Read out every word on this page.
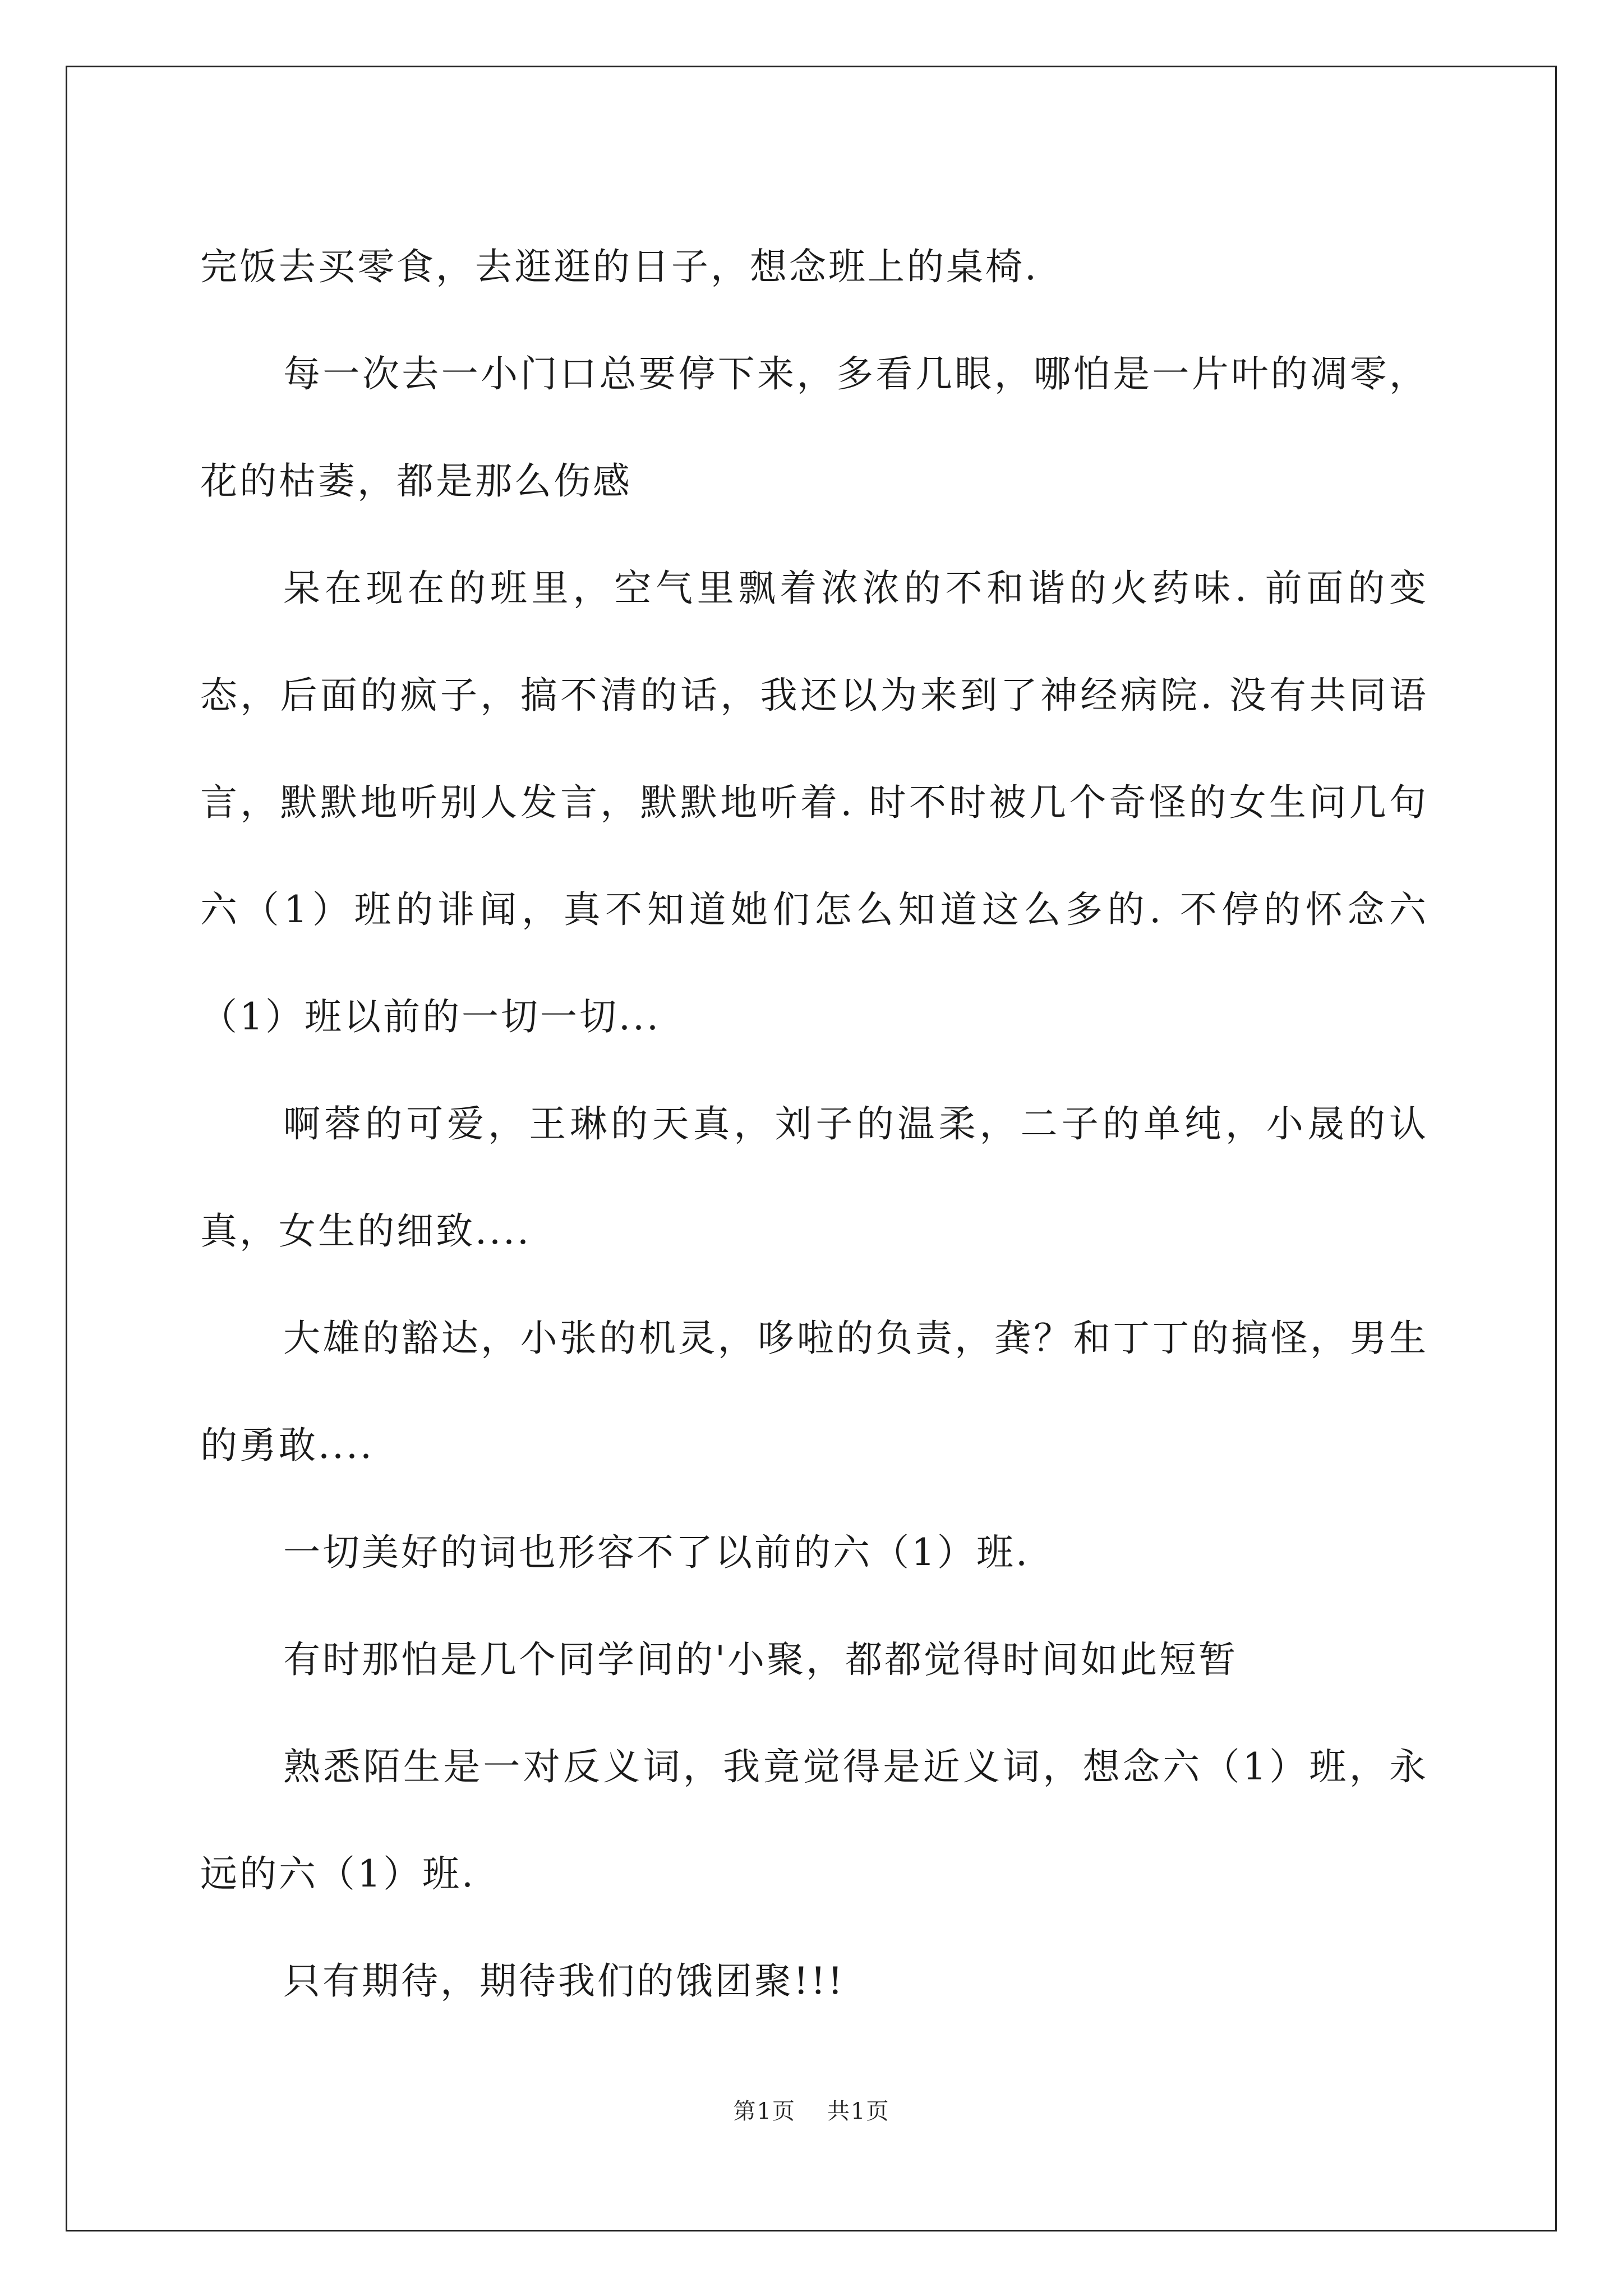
完饭去买零食，去逛逛的日子，想念班上的桌椅.

每一次去一小门口总要停下来，多看几眼，哪怕是一片叶的凋零，花的枯萎，都是那么伤感

呆在现在的班里，空气里飘着浓浓的不和谐的火药味. 前面的变态，后面的疯子，搞不清的话，我还以为来到了神经病院. 没有共同语言，默默地听别人发言，默默地听着. 时不时被几个奇怪的女生问几句六（1）班的诽闻，真不知道她们怎么知道这么多的. 不停的怀念六（1）班以前的一切一切...

啊蓉的可爱，王琳的天真，刘子的温柔，二子的单纯，小晟的认真，女生的细致....

大雄的豁达，小张的机灵，哆啦的负责，龚？和丁丁的搞怪，男生的勇敢....

一切美好的词也形容不了以前的六（1）班.

有时那怕是几个同学间的'小聚，都都觉得时间如此短暂

熟悉陌生是一对反义词，我竟觉得是近义词，想念六（1）班，永远的六（1）班.

只有期待，期待我们的饿团聚!!!

第1页 共1页
